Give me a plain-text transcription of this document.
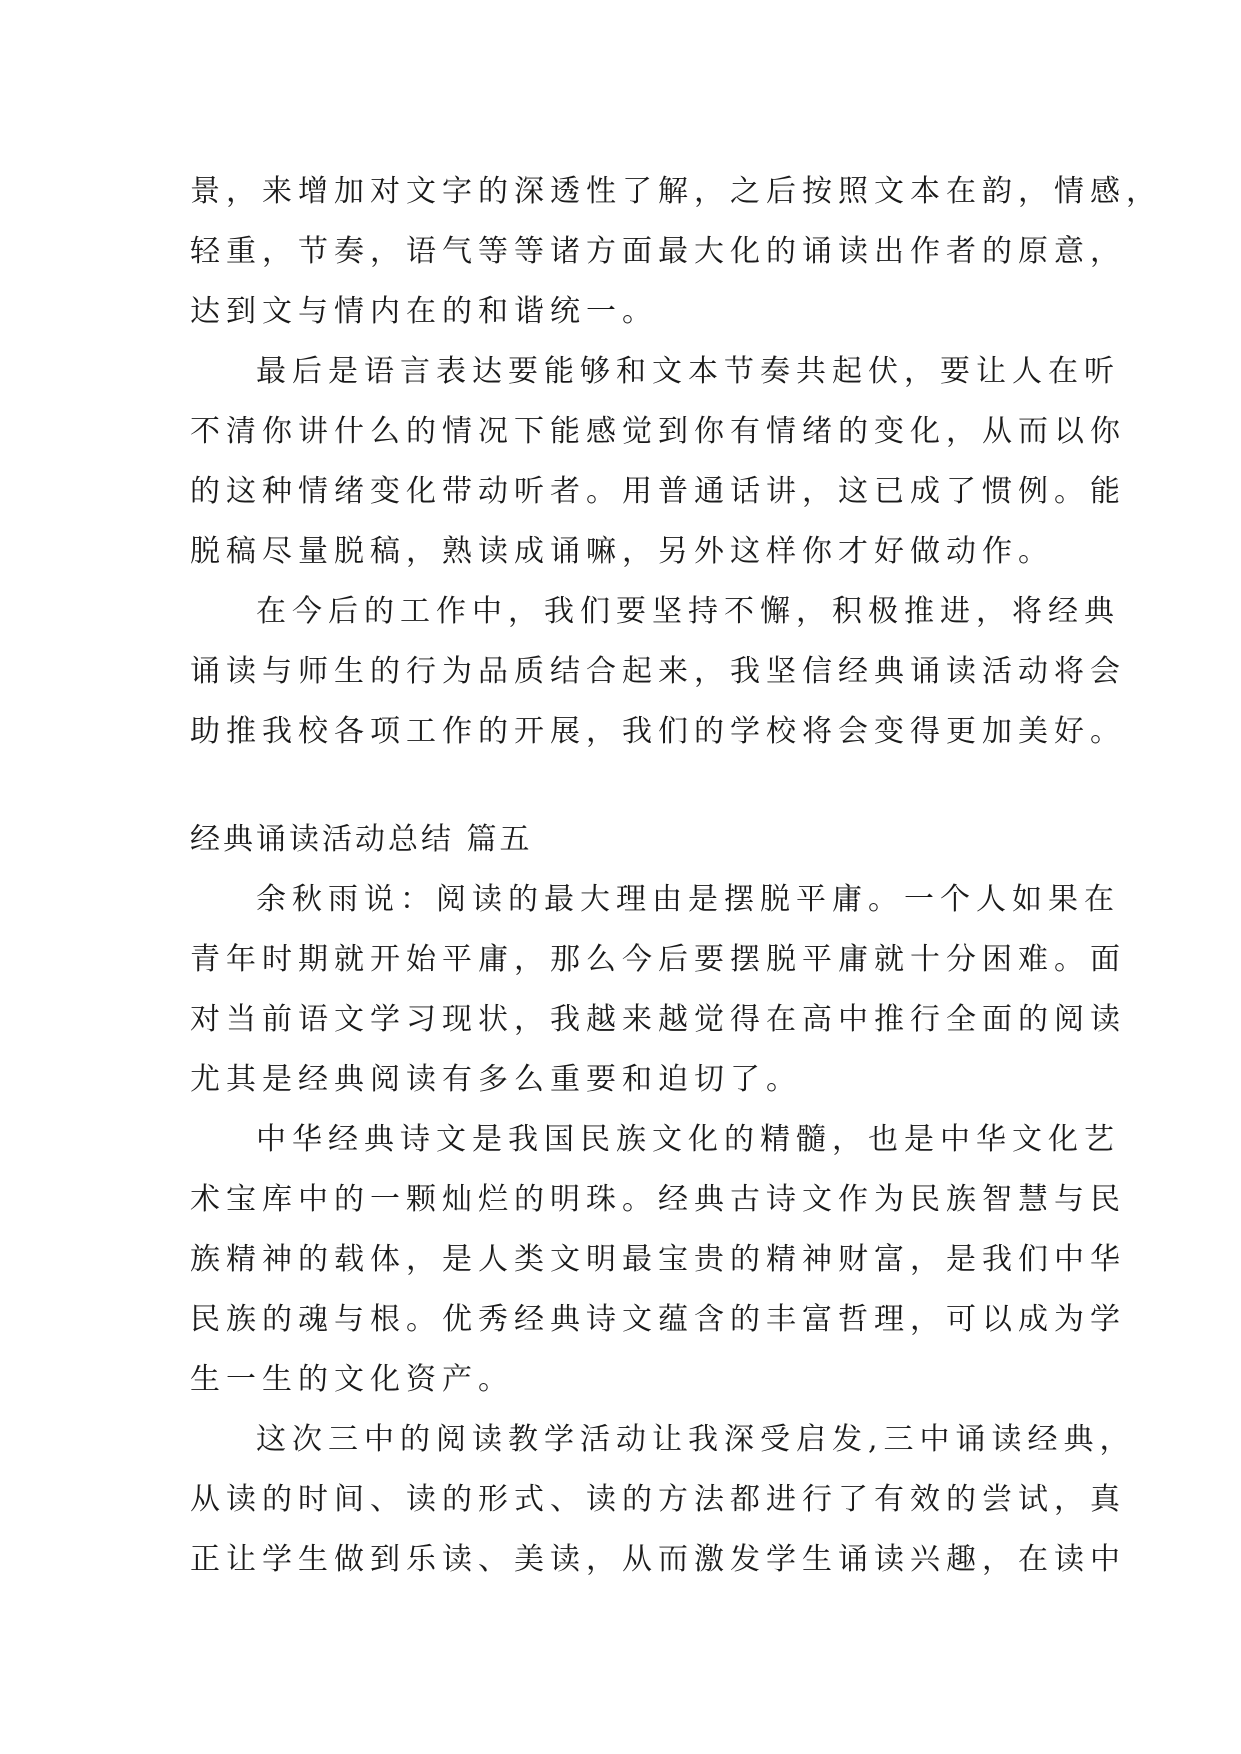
景，来增加对文字的深透性了解，之后按照文本在韵，情感，
轻重，节奏，语气等等诸方面最大化的诵读出作者的原意，
达到文与情内在的和谐统一。
最后是语言表达要能够和文本节奏共起伏，要让人在听
不清你讲什么的情况下能感觉到你有情绪的变化，从而以你
的这种情绪变化带动听者。用普通话讲，这已成了惯例。能
脱稿尽量脱稿，熟读成诵嘛，另外这样你才好做动作。
在今后的工作中，我们要坚持不懈，积极推进，将经典
诵读与师生的行为品质结合起来，我坚信经典诵读活动将会
助推我校各项工作的开展，我们的学校将会变得更加美好。
经典诵读活动总结 篇五
余秋雨说：阅读的最大理由是摆脱平庸。一个人如果在
青年时期就开始平庸，那么今后要摆脱平庸就十分困难。面
对当前语文学习现状，我越来越觉得在高中推行全面的阅读
尤其是经典阅读有多么重要和迫切了。
中华经典诗文是我国民族文化的精髓，也是中华文化艺
术宝库中的一颗灿烂的明珠。经典古诗文作为民族智慧与民
族精神的载体，是人类文明最宝贵的精神财富，是我们中华
民族的魂与根。优秀经典诗文蕴含的丰富哲理，可以成为学
生一生的文化资产。
这次三中的阅读教学活动让我深受启发,三中诵读经典，
从读的时间、读的形式、读的方法都进行了有效的尝试，真
正让学生做到乐读、美读，从而激发学生诵读兴趣，在读中
